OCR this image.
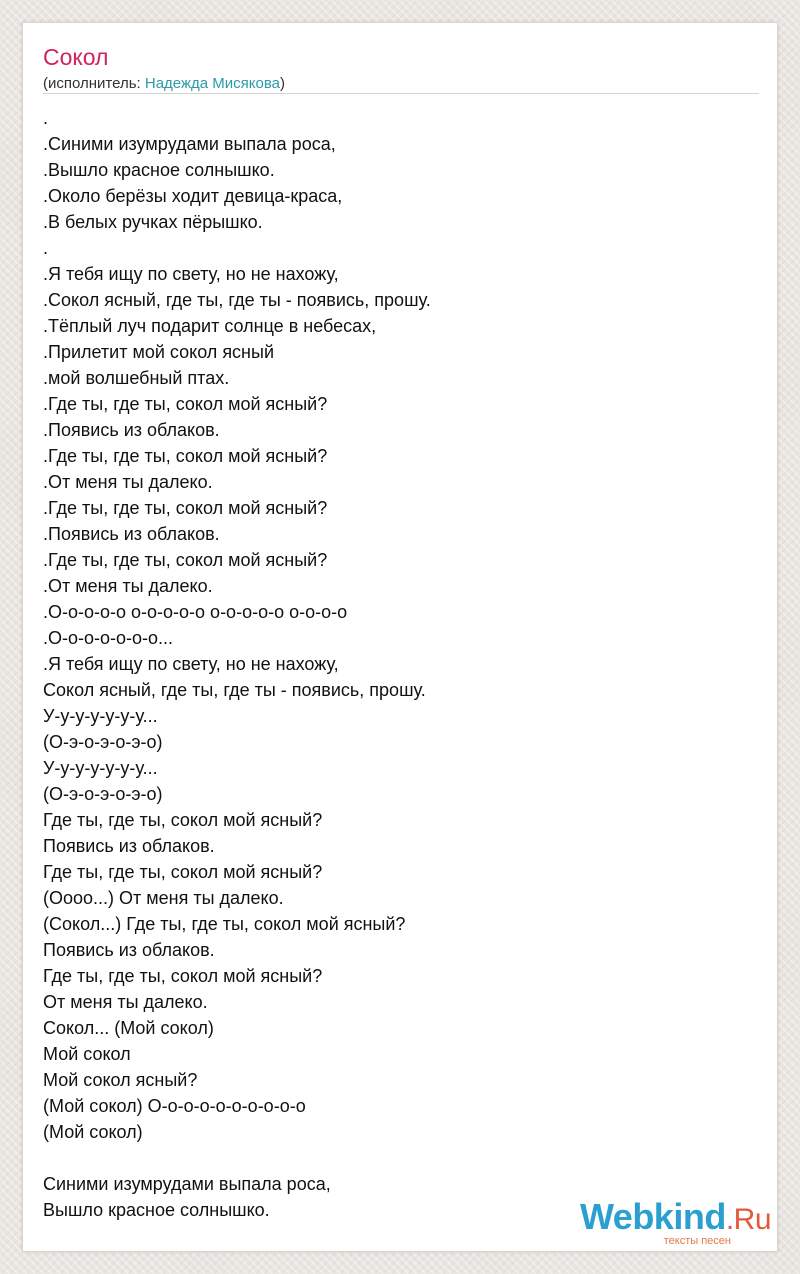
Сокол
(исполнитель: Надежда Мисякова)
.
.Синими изумрудами выпала роса,
.Вышло красное солнышко.
.Около берёзы ходит девица-краса,
.В белых ручках пёрышко.
.
.Я тебя ищу по свету, но не нахожу,
.Сокол ясный, где ты, где ты - появись, прошу.
.Тёплый луч подарит солнце в небесах,
.Прилетит мой сокол ясный
.мой волшебный птах.
.Где ты, где ты, сокол мой ясный?
.Появись из облаков.
.Где ты, где ты, сокол мой ясный?
.От меня ты далеко.
.Где ты, где ты, сокол мой ясный?
.Появись из облаков.
.Где ты, где ты, сокол мой ясный?
.От меня ты далеко.
.О-о-о-о-о о-о-о-о-о о-о-о-о-о о-о-о-о
.О-о-о-о-о-о-о...
.Я тебя ищу по свету, но не нахожу,
Сокол ясный, где ты, где ты - появись, прошу.
У-у-у-у-у-у-у...
(О-э-о-э-о-э-о)
У-у-у-у-у-у-у...
(О-э-о-э-о-э-о)
Где ты, где ты, сокол мой ясный?
Появись из облаков.
Где ты, где ты, сокол мой ясный?
(Оооо...) От меня ты далеко.
(Сокол...) Где ты, где ты, сокол мой ясный?
Появись из облаков.
Где ты, где ты, сокол мой ясный?
От меня ты далеко.
Сокол... (Мой сокол)
Мой сокол
Мой сокол ясный?
(Мой сокол) О-о-о-о-о-о-о-о-о-о
(Мой сокол)
Синими изумрудами выпала роса,
Вышло красное солнышко.	Webkind.Ru
тексты песен
